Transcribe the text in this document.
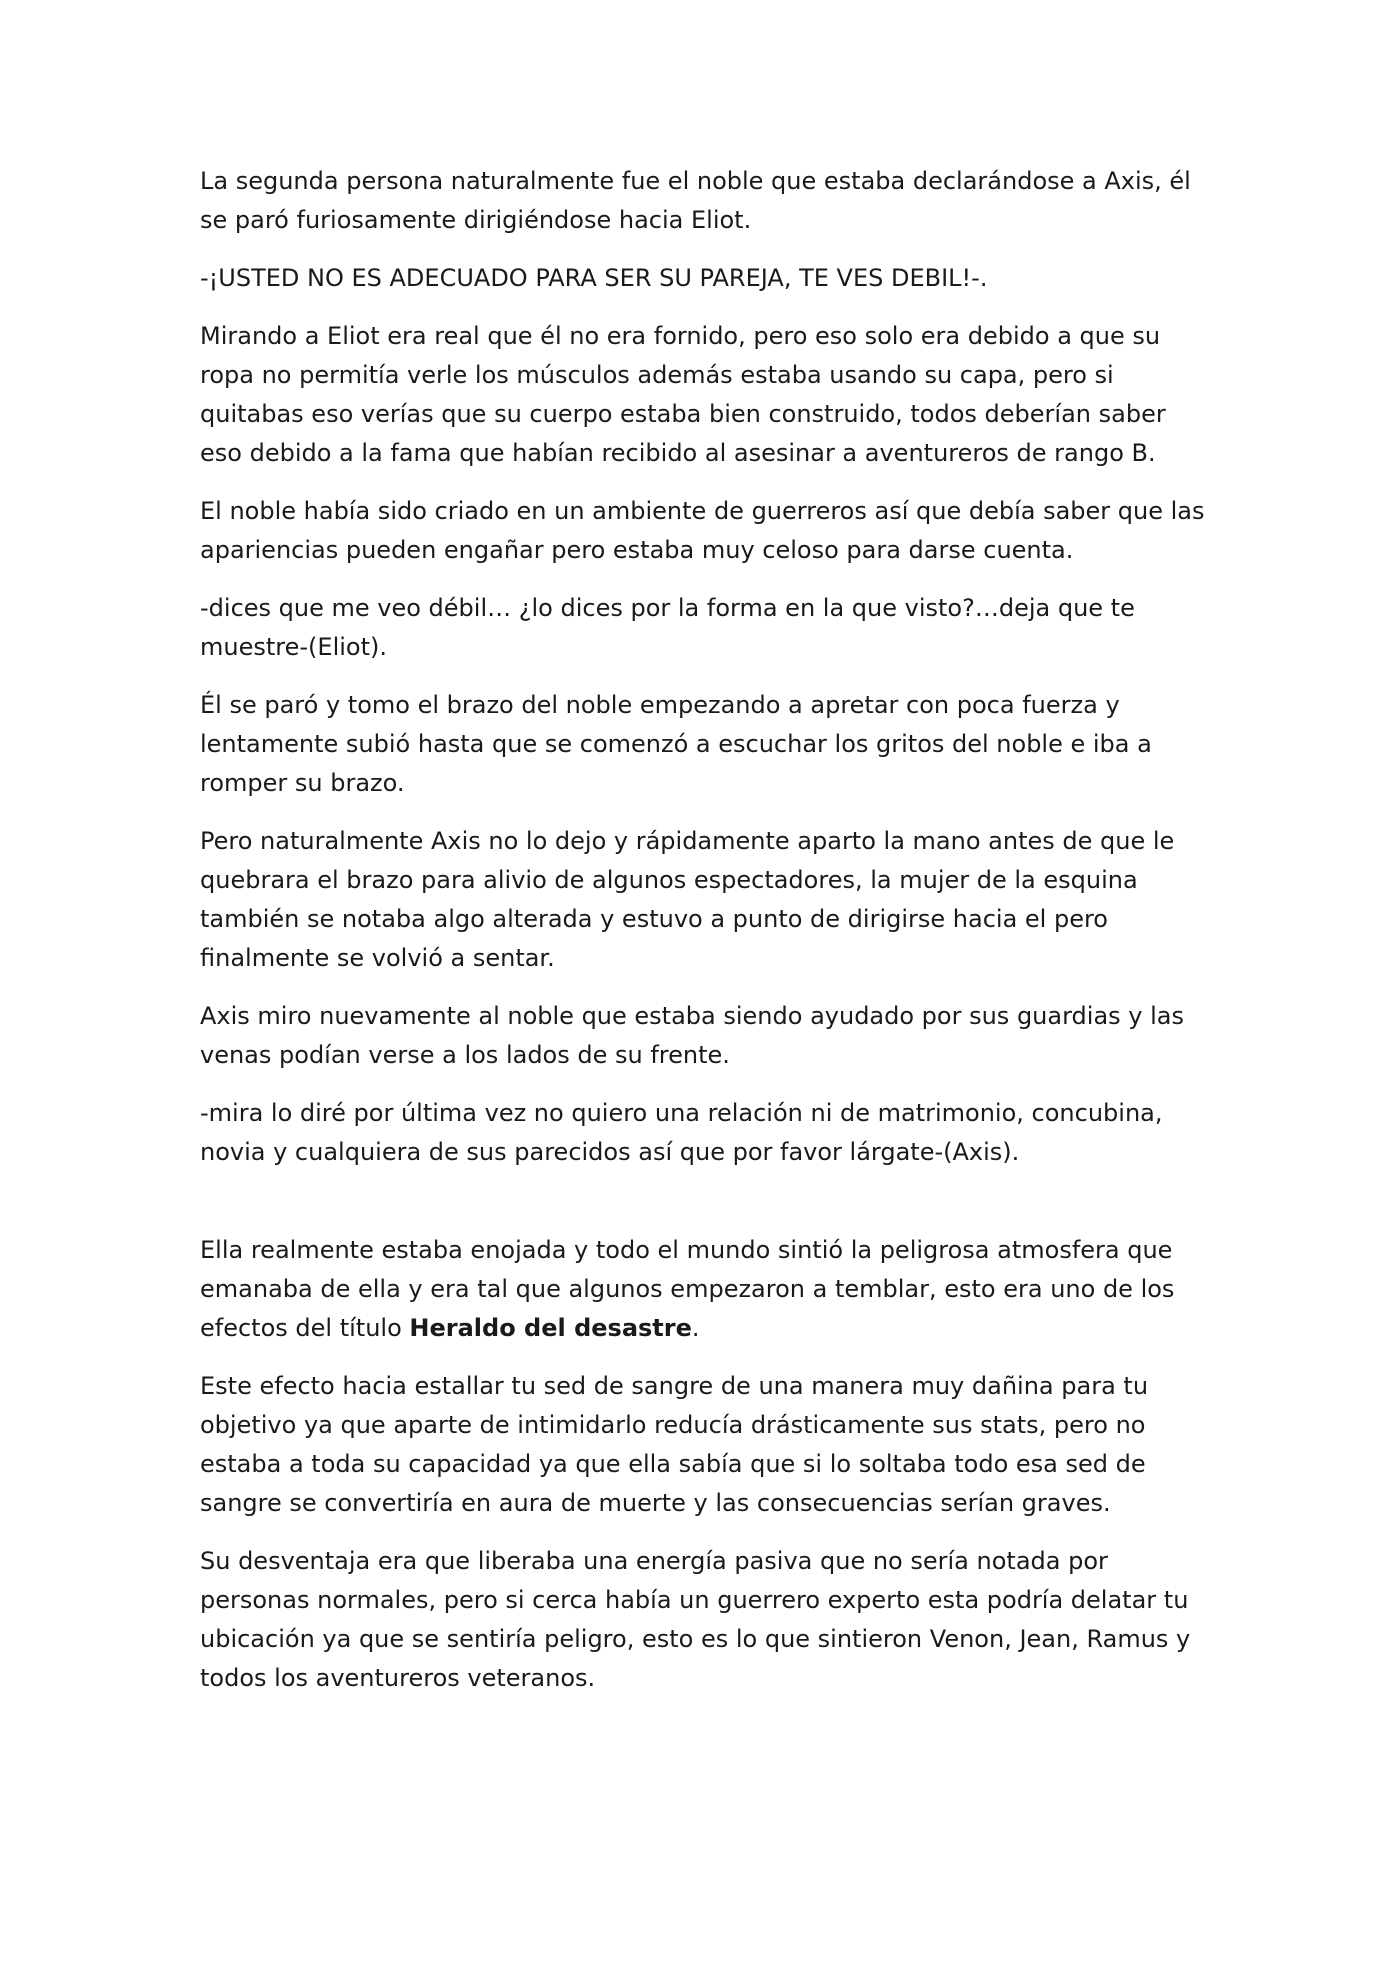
La segunda persona naturalmente fue el noble que estaba declarándose a Axis, él se paró furiosamente dirigiéndose hacia Eliot.

-¡USTED NO ES ADECUADO PARA SER SU PAREJA, TE VES DEBIL!-.

Mirando a Eliot era real que él no era fornido, pero eso solo era debido a que su ropa no permitía verle los músculos además estaba usando su capa, pero si quitabas eso verías que su cuerpo estaba bien construido, todos deberían saber eso debido a la fama que habían recibido al asesinar a aventureros de rango B.

El noble había sido criado en un ambiente de guerreros así que debía saber que las apariencias pueden engañar pero estaba muy celoso para darse cuenta.

-dices que me veo débil… ¿lo dices por la forma en la que visto?…deja que te muestre-(Eliot).

Él se paró y tomo el brazo del noble empezando a apretar con poca fuerza y lentamente subió hasta que se comenzó a escuchar los gritos del noble e iba a romper su brazo.

Pero naturalmente Axis no lo dejo y rápidamente aparto la mano antes de que le quebrara el brazo para alivio de algunos espectadores, la mujer de la esquina también se notaba algo alterada y estuvo a punto de dirigirse hacia el pero finalmente se volvió a sentar.

Axis miro nuevamente al noble que estaba siendo ayudado por sus guardias y las venas podían verse a los lados de su frente.

-mira lo diré por última vez no quiero una relación ni de matrimonio, concubina, novia y cualquiera de sus parecidos así que por favor lárgate-(Axis).

Ella realmente estaba enojada y todo el mundo sintió la peligrosa atmosfera que emanaba de ella y era tal que algunos empezaron a temblar, esto era uno de los efectos del título Heraldo del desastre.

Este efecto hacia estallar tu sed de sangre de una manera muy dañina para tu objetivo ya que aparte de intimidarlo reducía drásticamente sus stats, pero no estaba a toda su capacidad ya que ella sabía que si lo soltaba todo esa sed de sangre se convertiría en aura de muerte y las consecuencias serían graves.

Su desventaja era que liberaba una energía pasiva que no sería notada por personas normales, pero si cerca había un guerrero experto esta podría delatar tu ubicación ya que se sentiría peligro, esto es lo que sintieron Venon, Jean, Ramus y todos los aventureros veteranos.
